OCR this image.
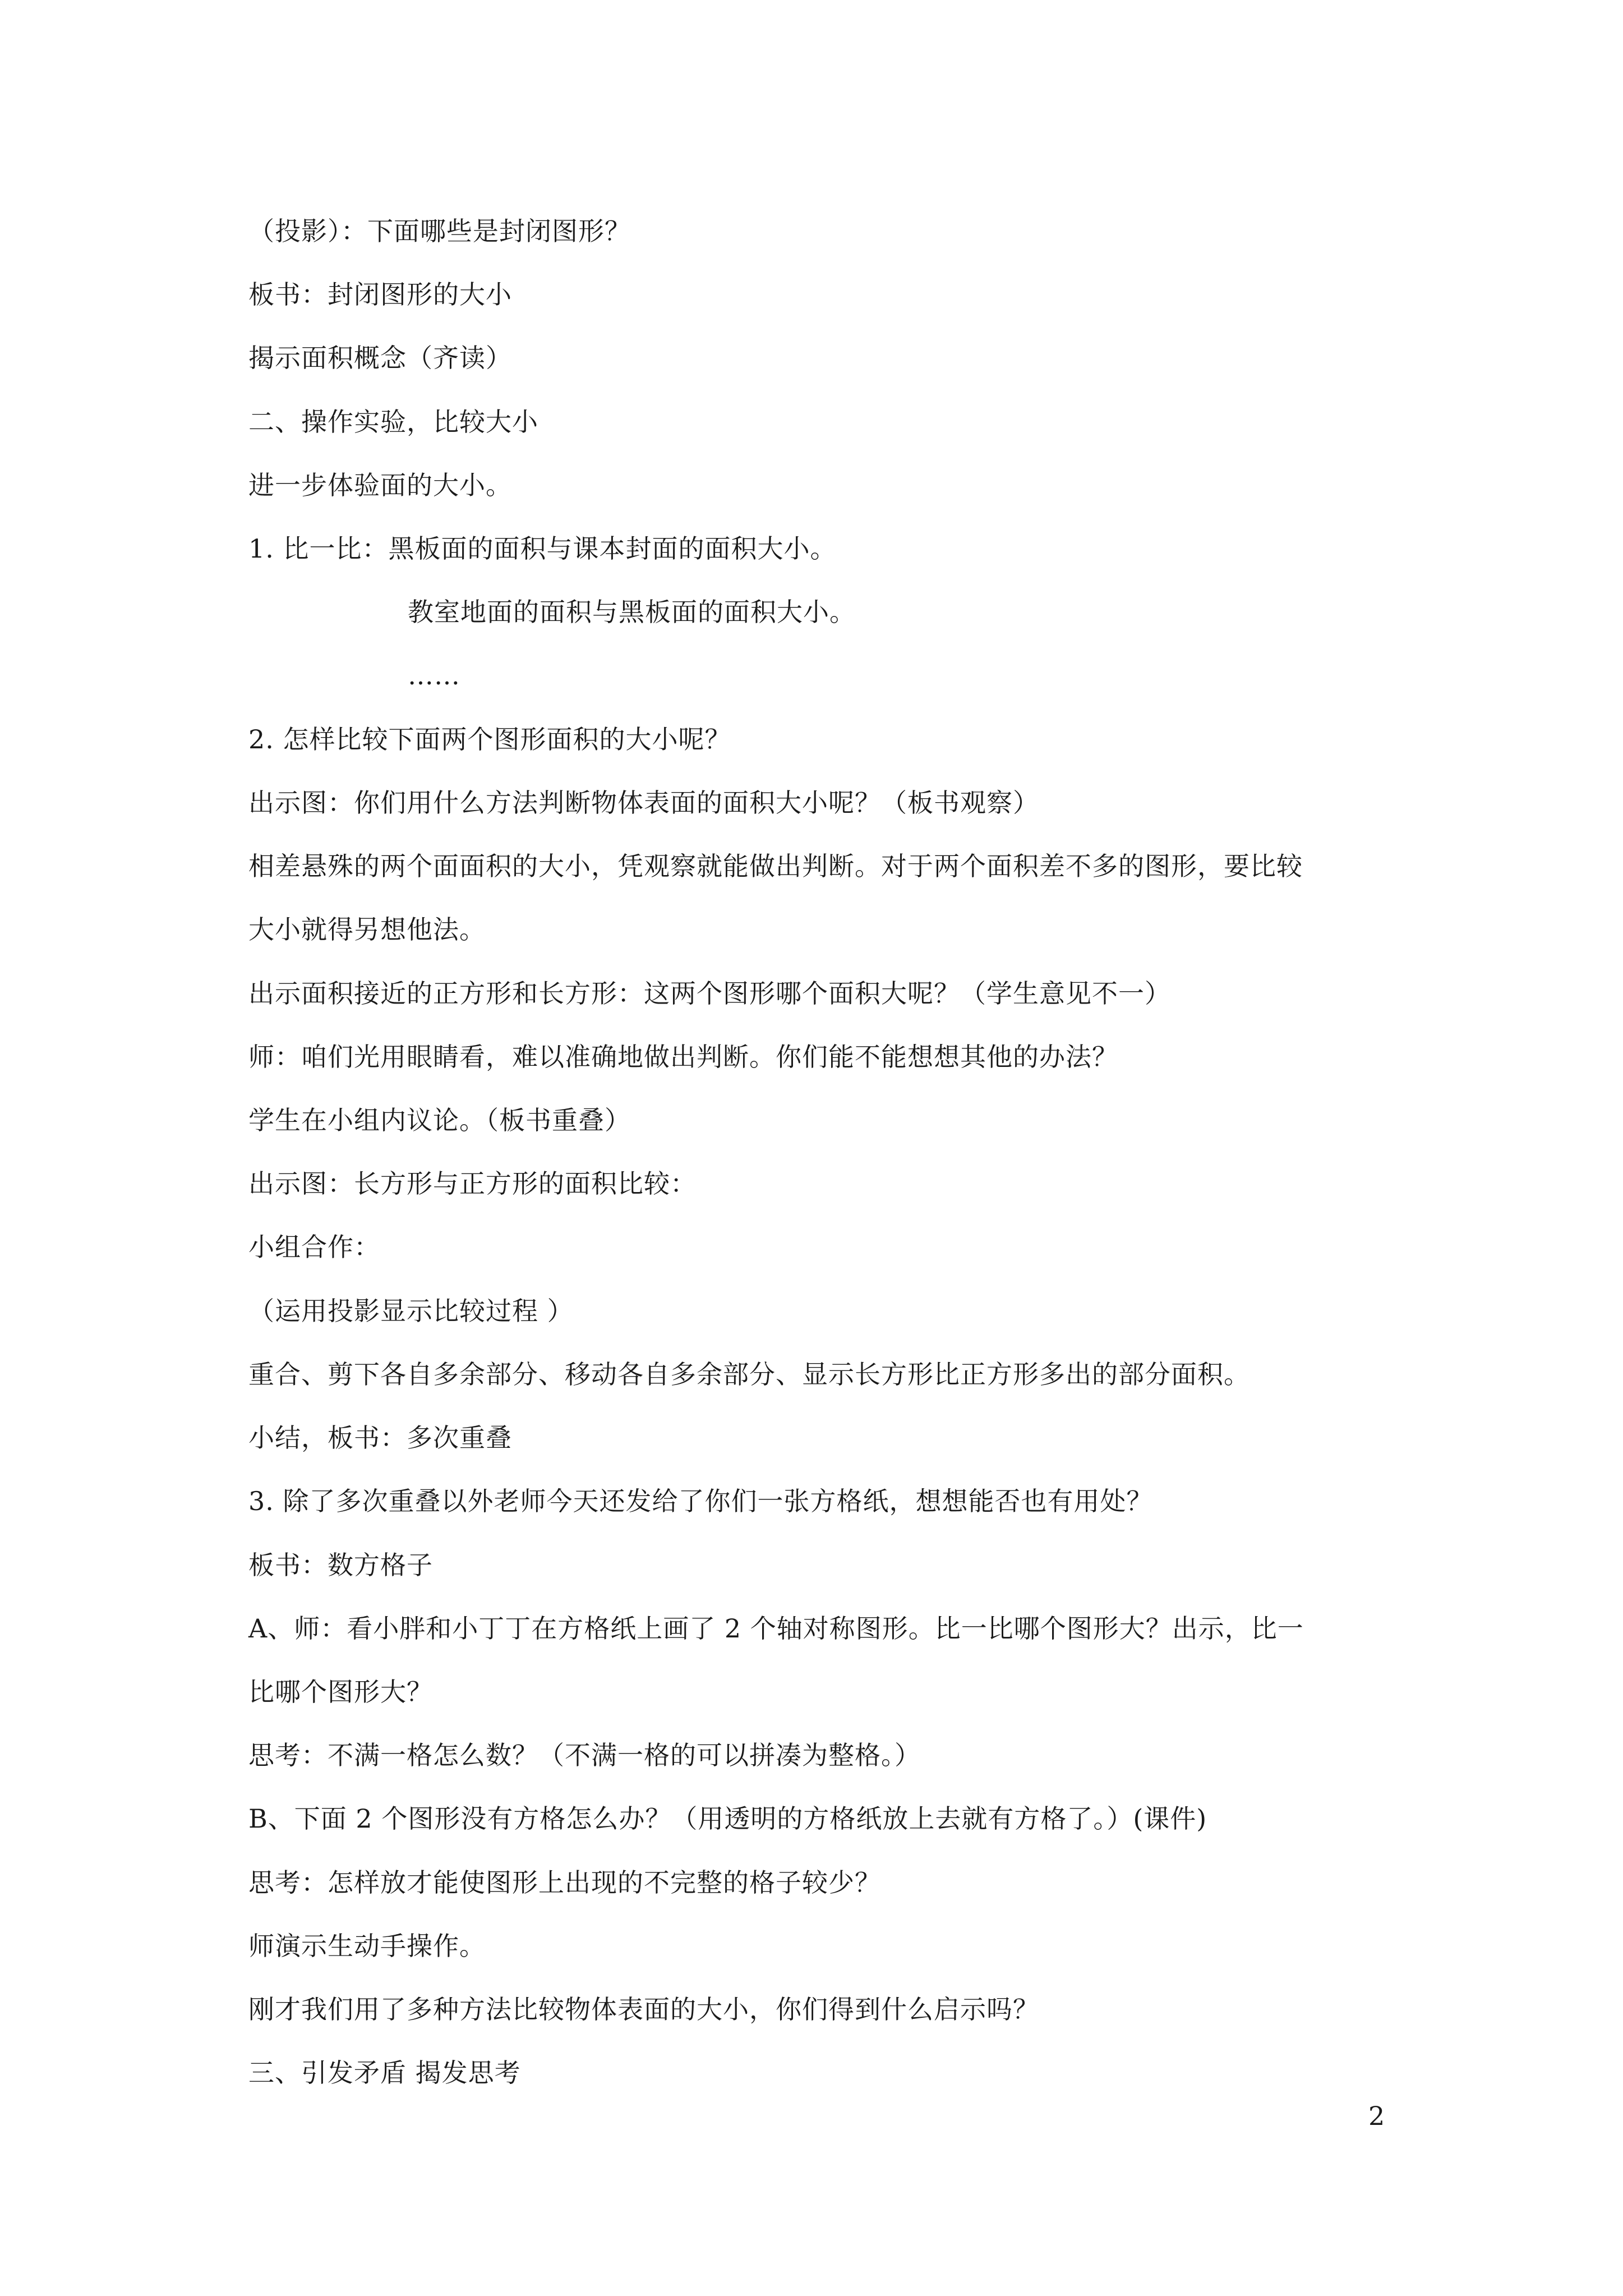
（投影）：下面哪些是封闭图形？
板书：封闭图形的大小
揭示面积概念（齐读）
二、操作实验，比较大小
进一步体验面的大小。
1. 比一比：黑板面的面积与课本封面的面积大小。
教室地面的面积与黑板面的面积大小。
……
2. 怎样比较下面两个图形面积的大小呢？
出示图：你们用什么方法判断物体表面的面积大小呢？（板书观察）
相差悬殊的两个面面积的大小，凭观察就能做出判断。对于两个面积差不多的图形，要比较
大小就得另想他法。
出示面积接近的正方形和长方形：这两个图形哪个面积大呢？（学生意见不一）
师：咱们光用眼睛看，难以准确地做出判断。你们能不能想想其他的办法？
学生在小组内议论。（板书重叠）
出示图：长方形与正方形的面积比较：
小组合作：
（运用投影显示比较过程 ）
重合、剪下各自多余部分、移动各自多余部分、显示长方形比正方形多出的部分面积。
小结，板书：多次重叠
3. 除了多次重叠以外老师今天还发给了你们一张方格纸，想想能否也有用处？
板书：数方格子
A、师：看小胖和小丁丁在方格纸上画了 2 个轴对称图形。比一比哪个图形大？出示，比一
比哪个图形大？
思考：不满一格怎么数？（不满一格的可以拼凑为整格。）
B、下面 2 个图形没有方格怎么办？（用透明的方格纸放上去就有方格了。）(课件)
思考：怎样放才能使图形上出现的不完整的格子较少？
师演示生动手操作。
刚才我们用了多种方法比较物体表面的大小，你们得到什么启示吗？
三、引发矛盾 揭发思考
2
